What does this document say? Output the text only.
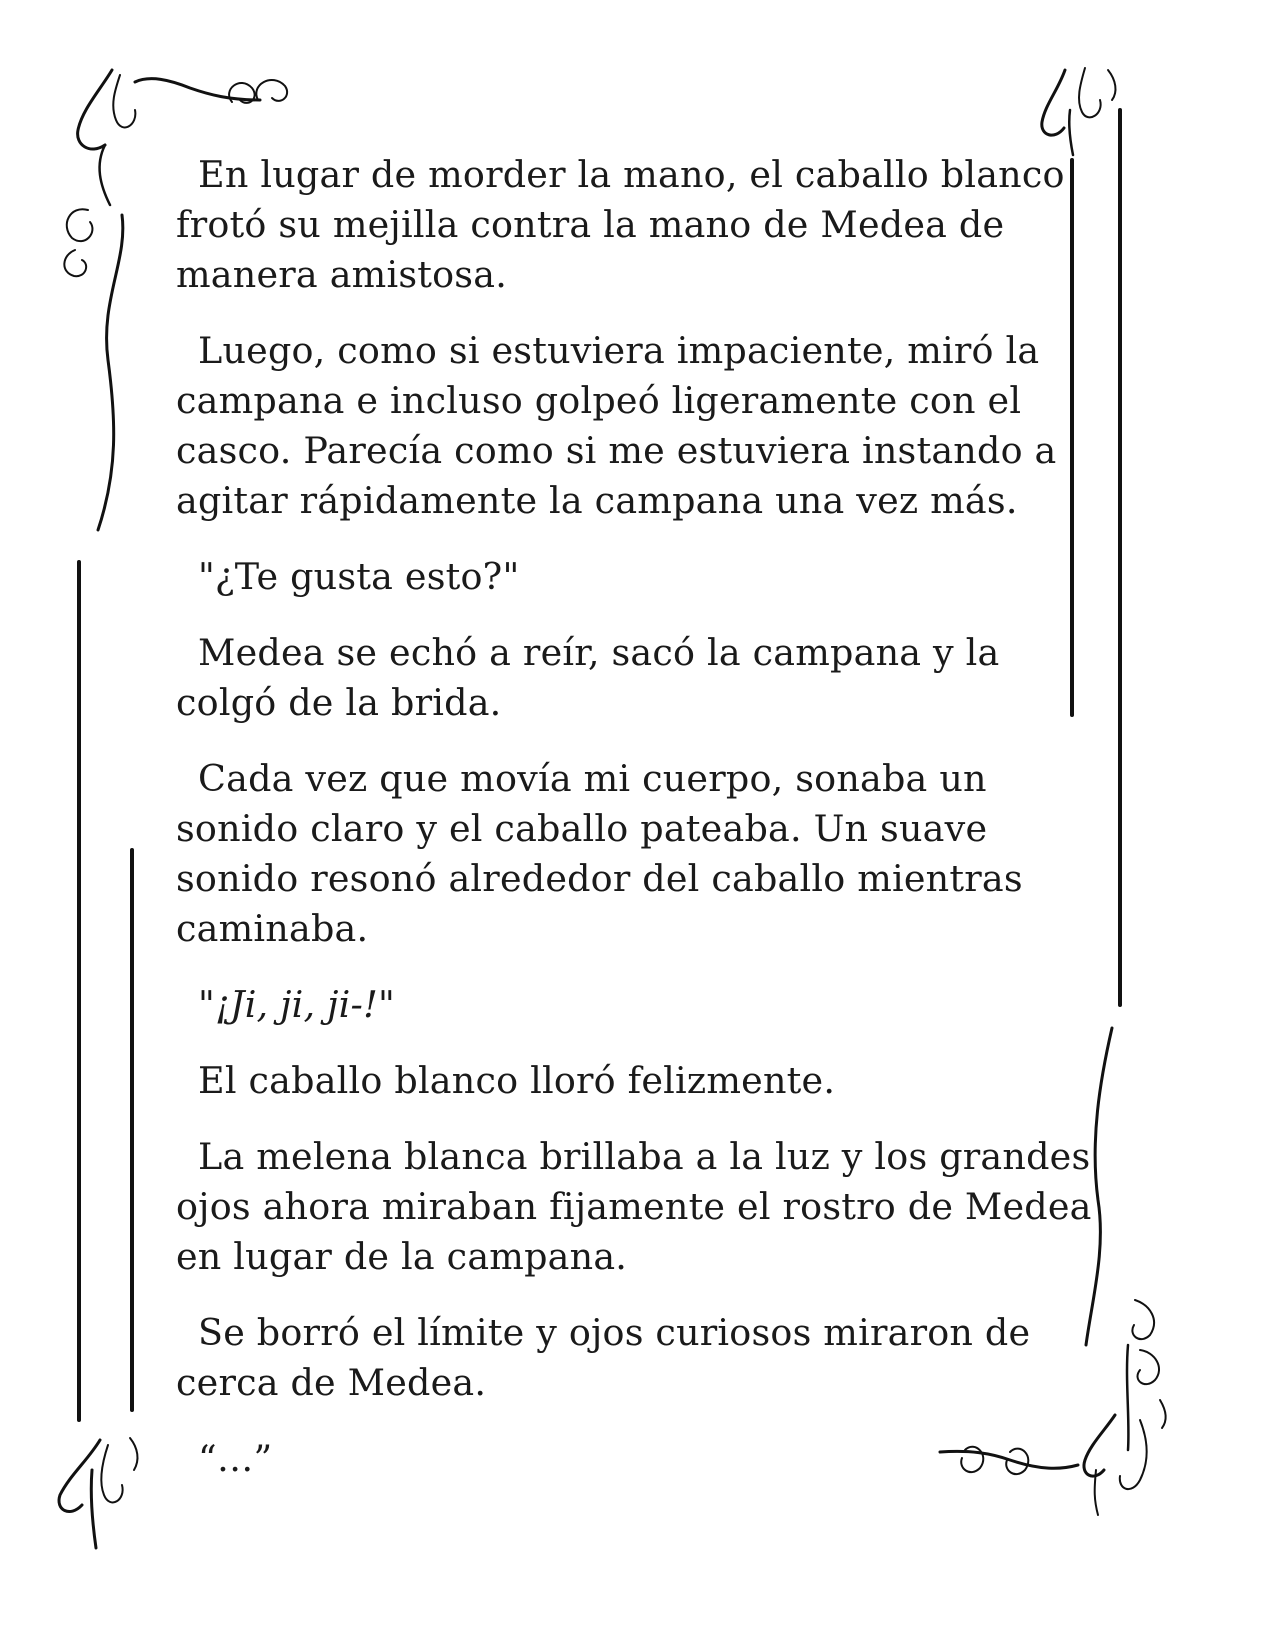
En lugar de morder la mano, el caballo blanco frotó su mejilla contra la mano de Medea de manera amistosa.

Luego, como si estuviera impaciente, miró la campana e incluso golpeó ligeramente con el casco. Parecía como si me estuviera instando a agitar rápidamente la campana una vez más.

"¿Te gusta esto?"

Medea se echó a reír, sacó la campana y la colgó de la brida.

Cada vez que movía mi cuerpo, sonaba un sonido claro y el caballo pateaba. Un suave sonido resonó alrededor del caballo mientras caminaba.

"¡Ji, ji, ji-!"

El caballo blanco lloró felizmente.

La melena blanca brillaba a la luz y los grandes ojos ahora miraban fijamente el rostro de Medea en lugar de la campana.

Se borró el límite y ojos curiosos miraron de cerca de Medea.

“…”
